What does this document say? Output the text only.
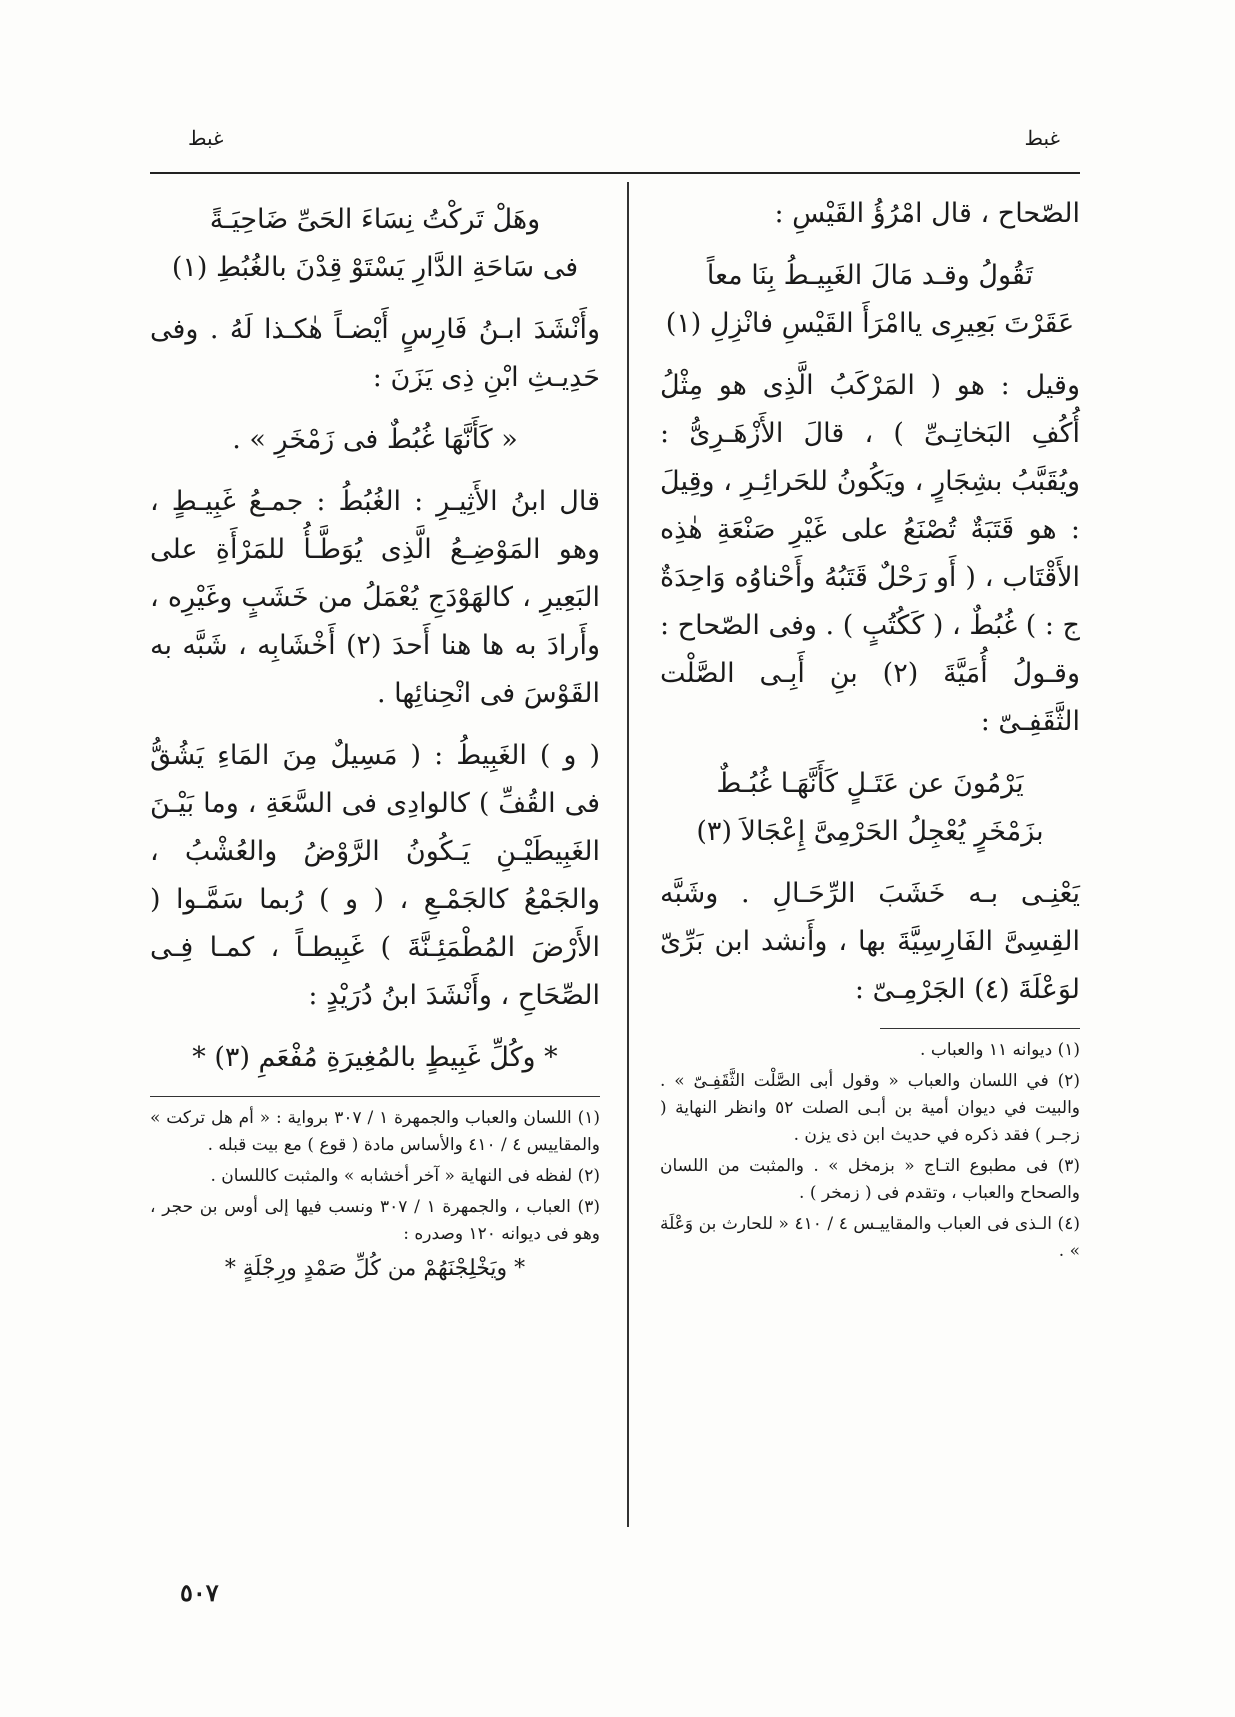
غبط
غبط

الصّحاح ، قال امْرُؤُ القَيْسِ :

تَقُولُ وقـد مَالَ الغَبِيـطُ بِنَا معاً
عَقَرْتَ بَعِيرِى ياامْرَأَ القَيْسِ فانْزِلِ (١)

وقيل : هو ( المَرْكَبُ الَّذِى هو مِثْلُ أُكُفِ البَخاتِـىِّ ) ، قالَ الأَزْهَـرِىُّ : ويُقَبَّبُ بشِجَارٍ ، ويَكُونُ للحَرائِـرِ ، وقِيلَ : هو قَتَبَةٌ تُصْنَعُ على غَيْرِ صَنْعَةِ هٰذِه الأَقْتَاب ، ( أَو رَحْلٌ قَتَبُهُ وأَحْناوُه وَاحِدَةٌ ج : ) غُبُطٌ ، ( كَكُتُبٍ ) . وفى الصّحاح : وقـولُ أُمَيَّةَ (٢) بنِ أَبِـى الصَّلْت الثَّقَفِـىّ :

يَرْمُونَ عن عَتَـلٍ كَأَنَّهَـا غُبُـطٌ
بزَمْخَرٍ يُعْجِلُ الحَرْمِىَّ إِعْجَالاَ (٣)

يَعْنِـى بـه خَشَبَ الرِّحَـالِ . وشَبَّه القِسِىَّ الفَارِسِيَّةَ بها ، وأَنشد ابن بَرِّىّ لوَعْلَةَ (٤) الجَرْمِـىّ :

(١) ديوانه ١١ والعباب .

(٢) في اللسان والعباب « وقول أبى الصَّلْت الثَّقَفِـىّ » . والبيت في ديوان أمية بن أبـى الصلت ٥٢ وانظر النهاية ( زجـر ) فقد ذكره في حديث ابن ذى يزن .

(٣) فى مطبوع التـاج « بزمخل » . والمثبت من اللسان والصحاح والعباب ، وتقدم فى ( زمخر ) .

(٤) الـذى فى العباب والمقاييـس ٤ / ٤١٠ « للحارث بن وَعْلَة » .

وهَلْ تَركْتُ نِسَاءَ الحَىِّ ضَاحِيَـةً
فى سَاحَةِ الدَّارِ يَسْتَوْ قِدْنَ بالغُبُطِ (١)

وأَنْشَدَ ابـنُ فَارِسٍ أَيْضـاً هٰكـذا لَهُ . وفى حَدِيـثِ ابْنِ ذِى يَزَنَ :

« كَأَنَّهَا غُبُطٌ فى زَمْخَرِ » .

قال ابنُ الأَثِيـرِ : الغُبُطُ : جمـعُ غَبِيـطٍ ، وهو المَوْضِـعُ الَّذِى يُوَطَّـأُ للمَرْأَةِ على البَعِيرِ ، كالهَوْدَجِ يُعْمَلُ من خَشَبٍ وغَيْرِه ، وأَرادَ به ها هنا أَحدَ (٢) أَخْشَابِه ، شَبَّه به القَوْسَ فى انْحِنائِها .

( و ) الغَبِيطُ : ( مَسِيلٌ مِنَ المَاءِ يَشُقُّ فى القُفِّ ) كالوادِى فى السَّعَةِ ، وما بَيْـنَ الغَبِيطَيْـنِ يَـكُونُ الرَّوْضُ والعُشْبُ ، والجَمْعُ كالجَمْـعِ ، ( و ) رُبما سَمَّـوا ( الأَرْضَ المُطْمَئِـنَّةَ ) غَبِيطـاً ، كمـا فِـى الصِّحَاحِ ، وأَنْشَدَ ابنُ دُرَيْدٍ :

* وكُلِّ غَبِيطٍ بالمُغِيرَةِ مُفْعَمِ (٣) *

(١) اللسان والعباب والجمهرة ١ / ٣٠٧ برواية : « أم هل تركت » والمقاييس ٤ / ٤١٠ والأساس مادة ( قوع ) مع بيت قبله .

(٢) لفظه فى النهاية « آخر أخشابه » والمثبت كاللسان .

(٣) العباب ، والجمهرة ١ / ٣٠٧ ونسب فيها إلى أوس بن حجر ، وهو فى ديوانه ١٢٠ وصدره :

* ويَخْلِجْنَهُمْ من كُلِّ صَمْدٍ ورِجْلَةٍ *

٥٠٧
